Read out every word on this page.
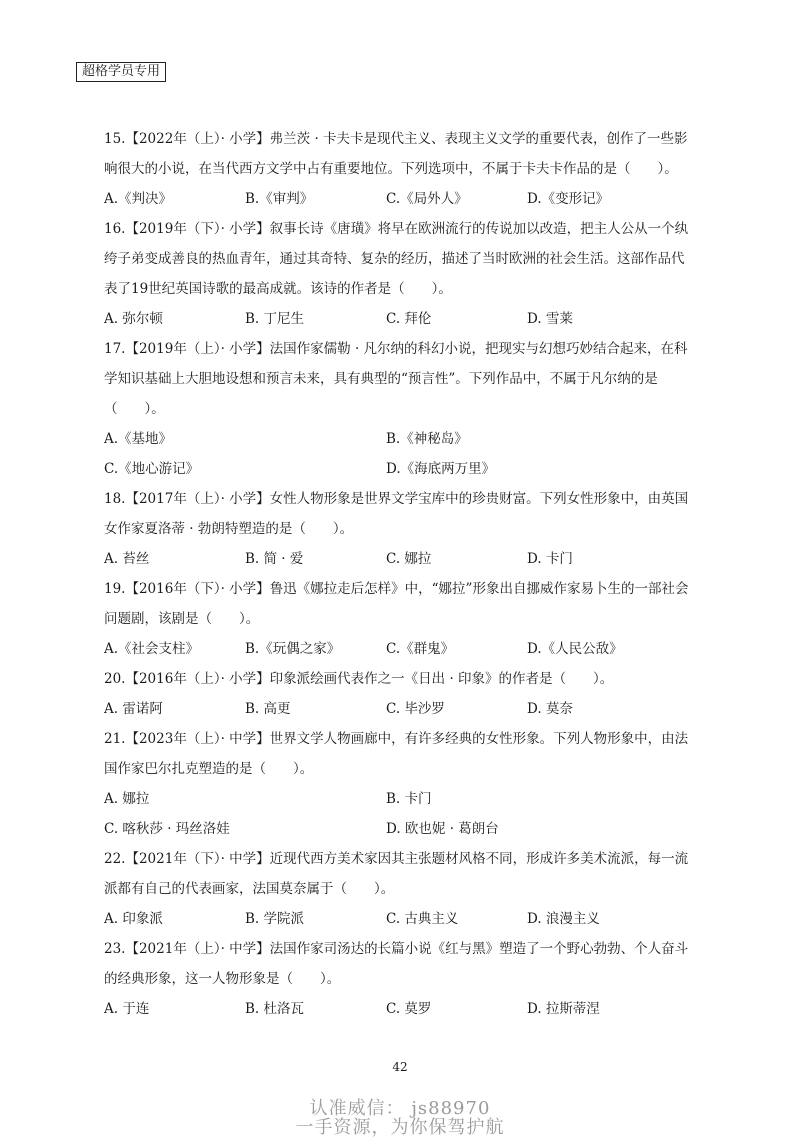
超格学员专用

15.【2022年（上）· 小学】弗兰茨 · 卡夫卡是现代主义、表现主义文学的重要代表，创作了一些影响很大的小说，在当代西方文学中占有重要地位。下列选项中，不属于卡夫卡作品的是（　　）。

A.《判决》	B.《审判》	C.《局外人》	D.《变形记》

16.【2019年（下）· 小学】叙事长诗《唐璜》将早在欧洲流行的传说加以改造，把主人公从一个纨绔子弟变成善良的热血青年，通过其奇特、复杂的经历，描述了当时欧洲的社会生活。这部作品代表了19世纪英国诗歌的最高成就。该诗的作者是（　　）。

A. 弥尔顿	B. 丁尼生	C. 拜伦	D. 雪莱

17.【2019年（上）· 小学】法国作家儒勒 · 凡尔纳的科幻小说，把现实与幻想巧妙结合起来，在科学知识基础上大胆地设想和预言未来，具有典型的“预言性”。下列作品中，不属于凡尔纳的是（　　）。

A.《基地》	B.《神秘岛》
C.《地心游记》	D.《海底两万里》

18.【2017年（上）· 小学】女性人物形象是世界文学宝库中的珍贵财富。下列女性形象中，由英国女作家夏洛蒂 · 勃朗特塑造的是（　　）。

A. 苔丝	B. 简 · 爱	C. 娜拉	D. 卡门

19.【2016年（下）· 小学】鲁迅《娜拉走后怎样》中，“娜拉”形象出自挪威作家易卜生的一部社会问题剧，该剧是（　　）。

A.《社会支柱》	B.《玩偶之家》	C.《群鬼》	D.《人民公敌》

20.【2016年（上）· 小学】印象派绘画代表作之一《日出 · 印象》的作者是（　　）。

A. 雷诺阿	B. 高更	C. 毕沙罗	D. 莫奈

21.【2023年（上）· 中学】世界文学人物画廊中，有许多经典的女性形象。下列人物形象中，由法国作家巴尔扎克塑造的是（　　）。

A. 娜拉	B. 卡门
C. 喀秋莎 · 玛丝洛娃	D. 欧也妮 · 葛朗台

22.【2021年（下）· 中学】近现代西方美术家因其主张题材风格不同，形成许多美术流派，每一流派都有自己的代表画家，法国莫奈属于（　　）。

A. 印象派	B. 学院派	C. 古典主义	D. 浪漫主义

23.【2021年（上）· 中学】法国作家司汤达的长篇小说《红与黑》塑造了一个野心勃勃、个人奋斗的经典形象，这一人物形象是（　　）。

A. 于连	B. 杜洛瓦	C. 莫罗	D. 拉斯蒂涅
42
认准威信： js88970
一手资源，为你保驾护航
